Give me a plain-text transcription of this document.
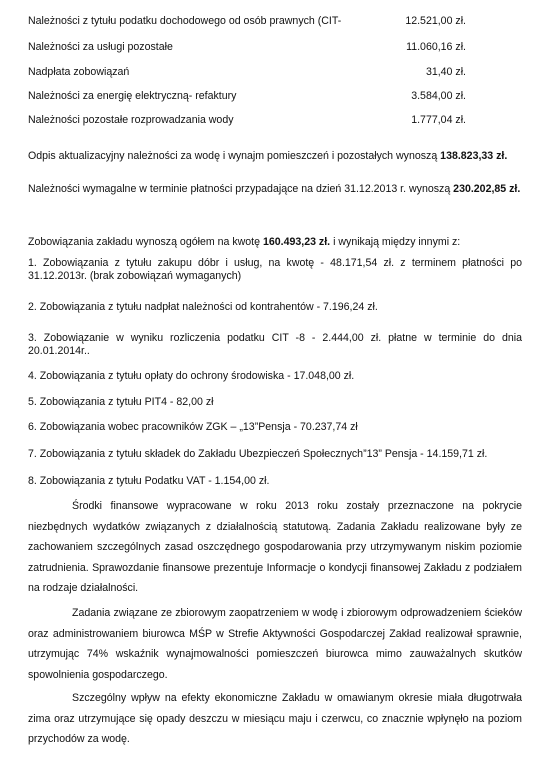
Należności z tytułu podatku dochodowego od osób prawnych (CIT-	12.521,00 zł.
Należności za usługi pozostałe	11.060,16 zł.
Nadpłata zobowiązań	31,40 zł.
Należności za energię elektryczną- refaktury	3.584,00 zł.
Należności pozostałe rozprowadzania wody	1.777,04 zł.
Odpis aktualizacyjny należności za wodę i wynajm pomieszczeń i pozostałych wynoszą 138.823,33 zł.
Należności wymagalne w terminie płatności przypadające na dzień 31.12.2013 r. wynoszą 230.202,85 zł.
Zobowiązania zakładu wynoszą ogółem na kwotę 160.493,23 zł. i wynikają między innymi z:
1. Zobowiązania z tytułu zakupu dóbr i usług, na kwotę - 48.171,54 zł. z terminem płatności po 31.12.2013r. (brak zobowiązań wymaganych)
2. Zobowiązania z tytułu nadpłat należności od kontrahentów - 7.196,24 zł.
3. Zobowiązanie w wyniku rozliczenia podatku CIT -8 - 2.444,00 zł. płatne w terminie do dnia 20.01.2014r..
4. Zobowiązania z tytułu opłaty do ochrony środowiska - 17.048,00 zł.
5. Zobowiązania z tytułu PIT4 - 82,00 zł
6. Zobowiązania wobec pracowników ZGK – „13”Pensja - 70.237,74 zł
7. Zobowiązania z tytułu składek do Zakładu Ubezpieczeń Społecznych”13” Pensja - 14.159,71 zł.
8. Zobowiązania z tytułu Podatku VAT - 1.154,00 zł.
Środki finansowe wypracowane w roku 2013 roku zostały przeznaczone na pokrycie niezbędnych wydatków związanych z działalnością statutową. Zadania Zakładu realizowane były ze zachowaniem szczególnych zasad oszczędnego gospodarowania przy utrzymywanym niskim poziomie zatrudnienia. Sprawozdanie finansowe prezentuje Informacje o kondycji finansowej Zakładu z podziałem na rodzaje działalności.
Zadania związane ze zbiorowym zaopatrzeniem w wodę i zbiorowym odprowadzeniem ścieków oraz administrowaniem biurowca MŚP w Strefie Aktywności Gospodarczej Zakład realizował sprawnie, utrzymując 74% wskaźnik wynajmowalności pomieszczeń biurowca mimo zauważalnych skutków spowolnienia gospodarczego.
Szczególny wpływ na efekty ekonomiczne Zakładu w omawianym okresie miała długotrwała zima oraz utrzymujące się opady deszczu w miesiącu maju i czerwcu, co znacznie wpłynęło na poziom przychodów za wodę.
